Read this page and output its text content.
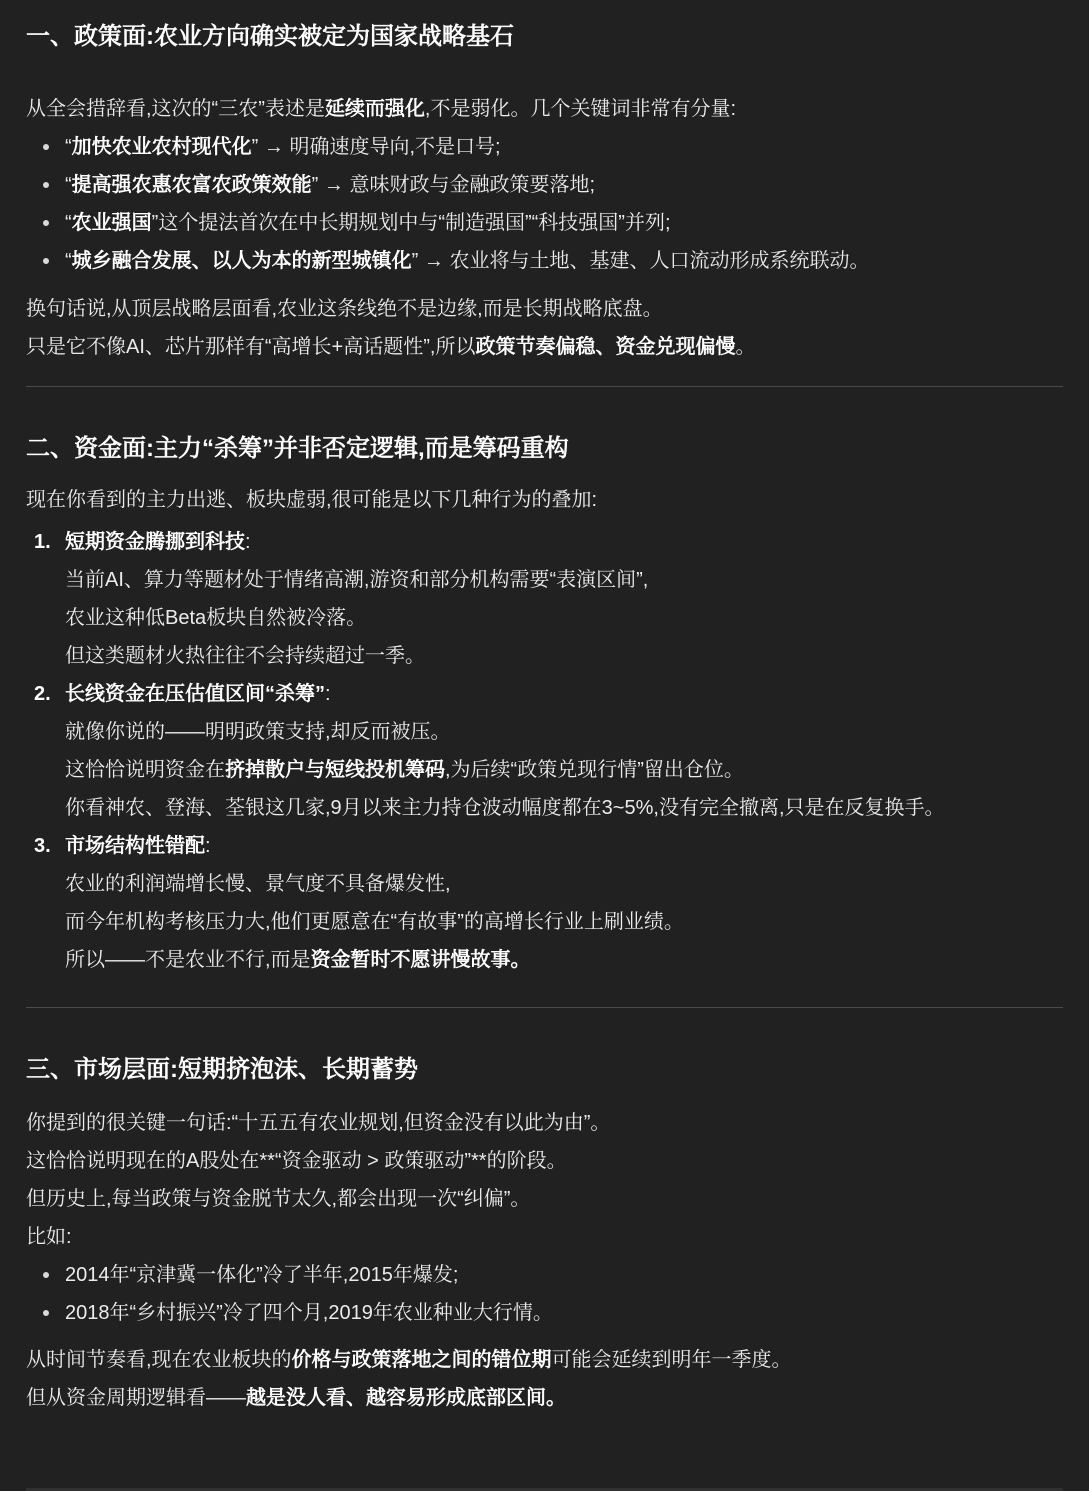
一、政策面:农业方向确实被定为国家战略基石
从全会措辞看,这次的“三农”表述是延续而强化,不是弱化。几个关键词非常有分量:
“加快农业农村现代化” → 明确速度导向,不是口号;
“提高强农惠农富农政策效能” → 意味财政与金融政策要落地;
“农业强国”这个提法首次在中长期规划中与“制造强国”“科技强国”并列;
“城乡融合发展、以人为本的新型城镇化” → 农业将与土地、基建、人口流动形成系统联动。
换句话说,从顶层战略层面看,农业这条线绝不是边缘,而是长期战略底盘。
只是它不像AI、芯片那样有“高增长+高话题性”,所以政策节奏偏稳、资金兑现偏慢。
二、资金面:主力“杀筹”并非否定逻辑,而是筹码重构
现在你看到的主力出逃、板块虚弱,很可能是以下几种行为的叠加:
1. 短期资金腾挪到科技:
当前AI、算力等题材处于情绪高潮,游资和部分机构需要“表演区间”,
农业这种低Beta板块自然被冷落。
但这类题材火热往往不会持续超过一季。
2. 长线资金在压估值区间“杀筹”:
就像你说的——明明政策支持,却反而被压。
这恰恰说明资金在挤掉散户与短线投机筹码,为后续“政策兑现行情”留出仓位。
你看神农、登海、荃银这几家,9月以来主力持仓波动幅度都在3~5%,没有完全撤离,只是在反复换手。
3. 市场结构性错配:
农业的利润端增长慢、景气度不具备爆发性,
而今年机构考核压力大,他们更愿意在“有故事”的高增长行业上刷业绩。
所以——不是农业不行,而是资金暂时不愿讲慢故事。
三、市场层面:短期挤泡沫、长期蓄势
你提到的很关键一句话:“十五五有农业规划,但资金没有以此为由”。
这恰恰说明现在的A股处在**“资金驱动 > 政策驱动”**的阶段。
但历史上,每当政策与资金脱节太久,都会出现一次“纠偏”。
比如:
2014年“京津冀一体化”冷了半年,2015年爆发;
2018年“乡村振兴”冷了四个月,2019年农业种业大行情。
从时间节奏看,现在农业板块的价格与政策落地之间的错位期可能会延续到明年一季度。
但从资金周期逻辑看——越是没人看、越容易形成底部区间。
